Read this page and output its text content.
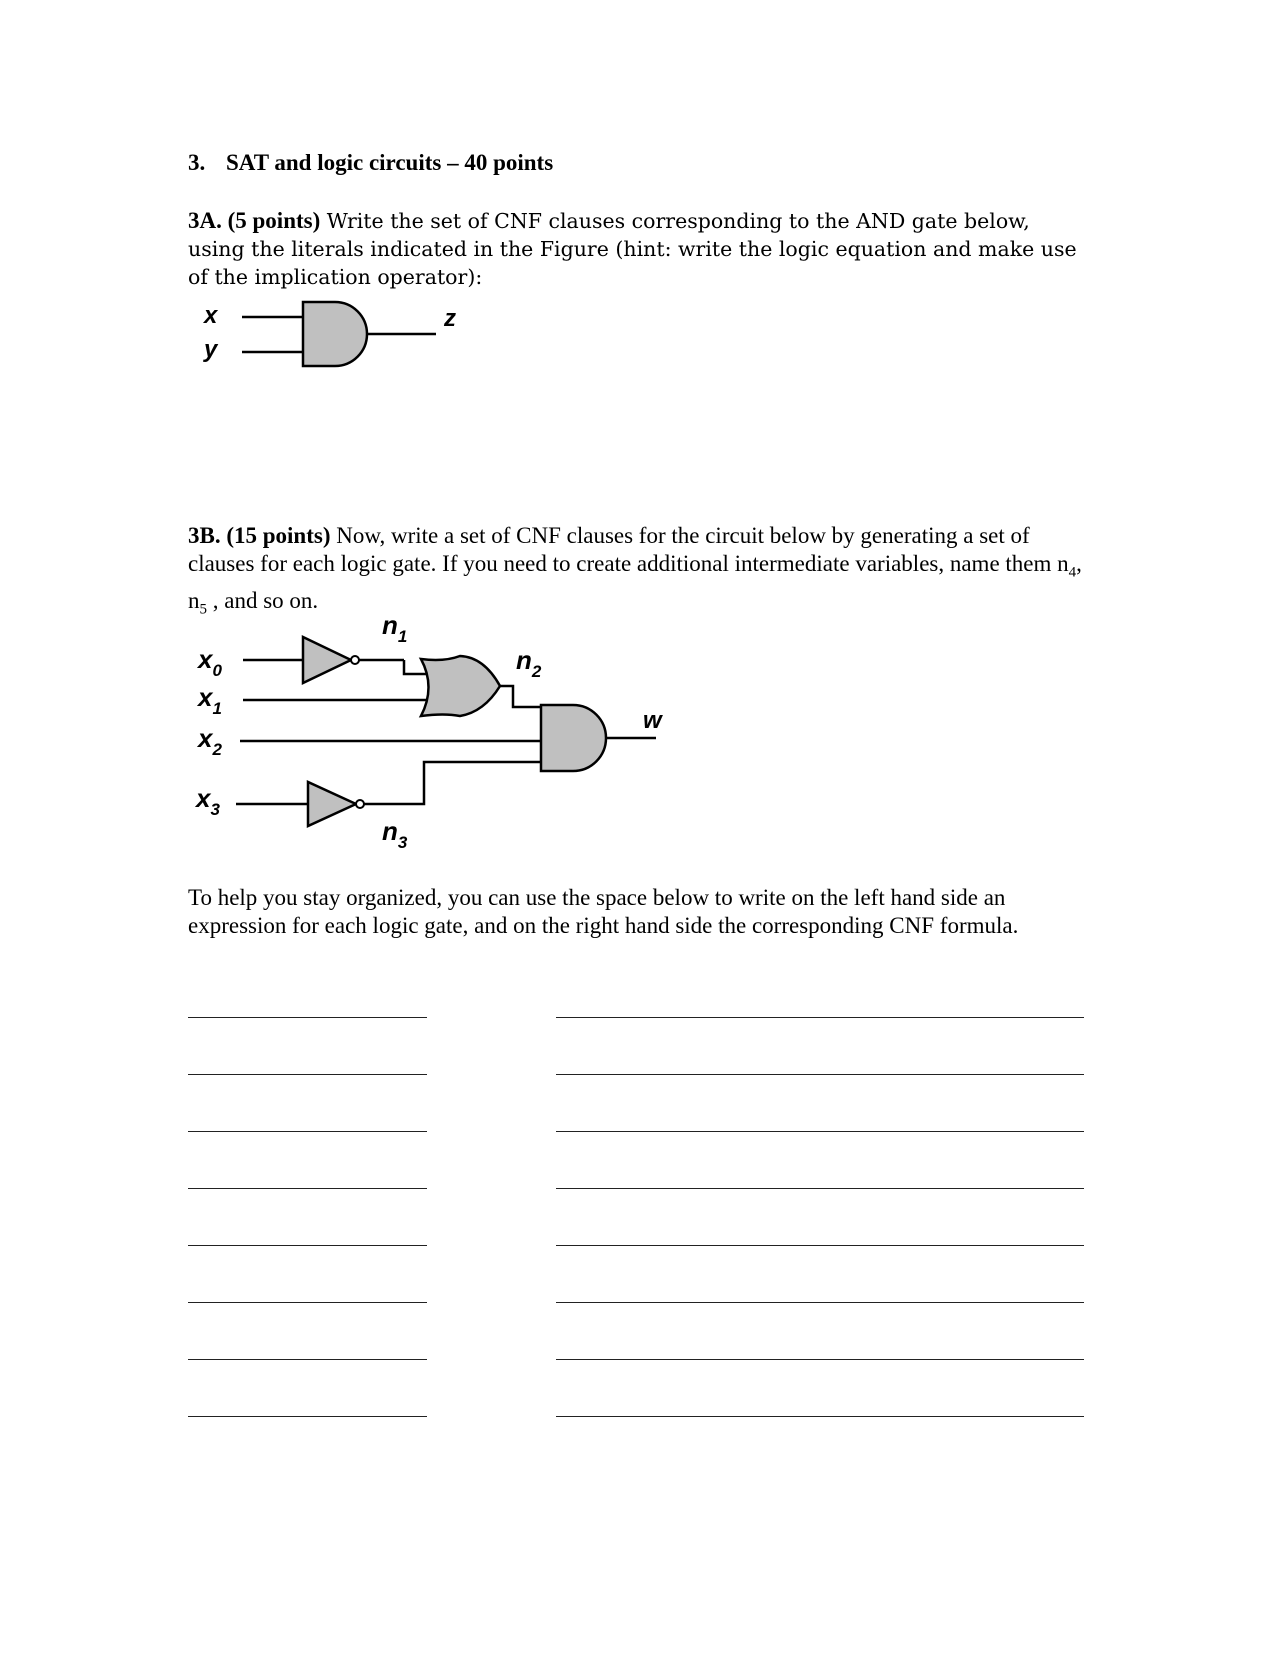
3. SAT and logic circuits – 40 points
3A. (5 points) Write the set of CNF clauses corresponding to the AND gate below, using the literals indicated in the Figure (hint: write the logic equation and make use of the implication operator):
x
y
z
3B. (15 points) Now, write a set of CNF clauses for the circuit below by generating a set of clauses for each logic gate. If you need to create additional intermediate variables, name them $n_4$, $n_5$ , and so on.
$x_0$
$x_1$
$x_2$
$x_3$
$n_1$
$n_2$
$n_3$
w
To help you stay organized, you can use the space below to write on the left hand side an expression for each logic gate, and on the right hand side the corresponding CNF formula.
